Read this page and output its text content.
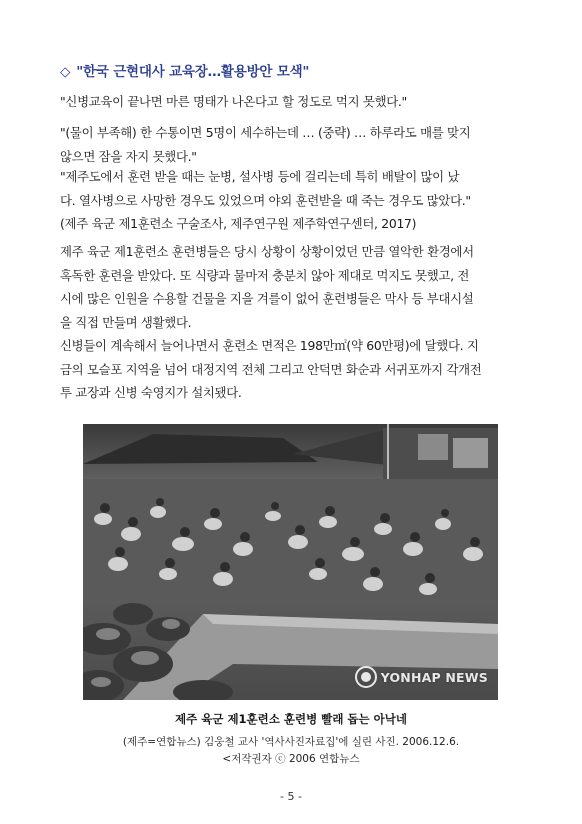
◇ "한국 근현대사 교육장…활용방안 모색"
"신병교육이 끝나면 마른 명태가 나온다고 할 정도로 먹지 못했다."
"(물이 부족해) 한 수통이면 5명이 세수하는데 … (중략) … 하루라도 매를 맞지
않으면 잠을 자지 못했다."
"제주도에서 훈련 받을 때는 눈병, 설사병 등에 걸리는데 특히 배탈이 많이 났
다. 열사병으로 사망한 경우도 있었으며 야외 훈련받을 때 죽는 경우도 많았다."
(제주 육군 제1훈련소 구술조사, 제주연구원 제주학연구센터, 2017)
제주 육군 제1훈련소 훈련병들은 당시 상황이 상황이었던 만큼 열악한 환경에서
혹독한 훈련을 받았다. 또 식량과 물마저 충분치 않아 제대로 먹지도 못했고, 전
시에 많은 인원을 수용할 건물을 지을 겨를이 없어 훈련병들은 막사 등 부대시설
을 직접 만들며 생활했다.
신병들이 계속해서 늘어나면서 훈련소 면적은 198만㎡(약 60만평)에 달했다. 지
금의 모슬포 지역을 넘어 대정지역 전체 그리고 안덕면 화순과 서귀포까지 각개전
투 교장과 신병 숙영지가 설치됐다.
YONHAP NEWS
제주 육군 제1훈련소 훈련병 빨래 돕는 아낙네
(제주=연합뉴스) 김웅철 교사 '역사사진자료집'에 실린 사진. 2006.12.6.
<저작권자 ⓒ 2006 연합뉴스
- 5 -
